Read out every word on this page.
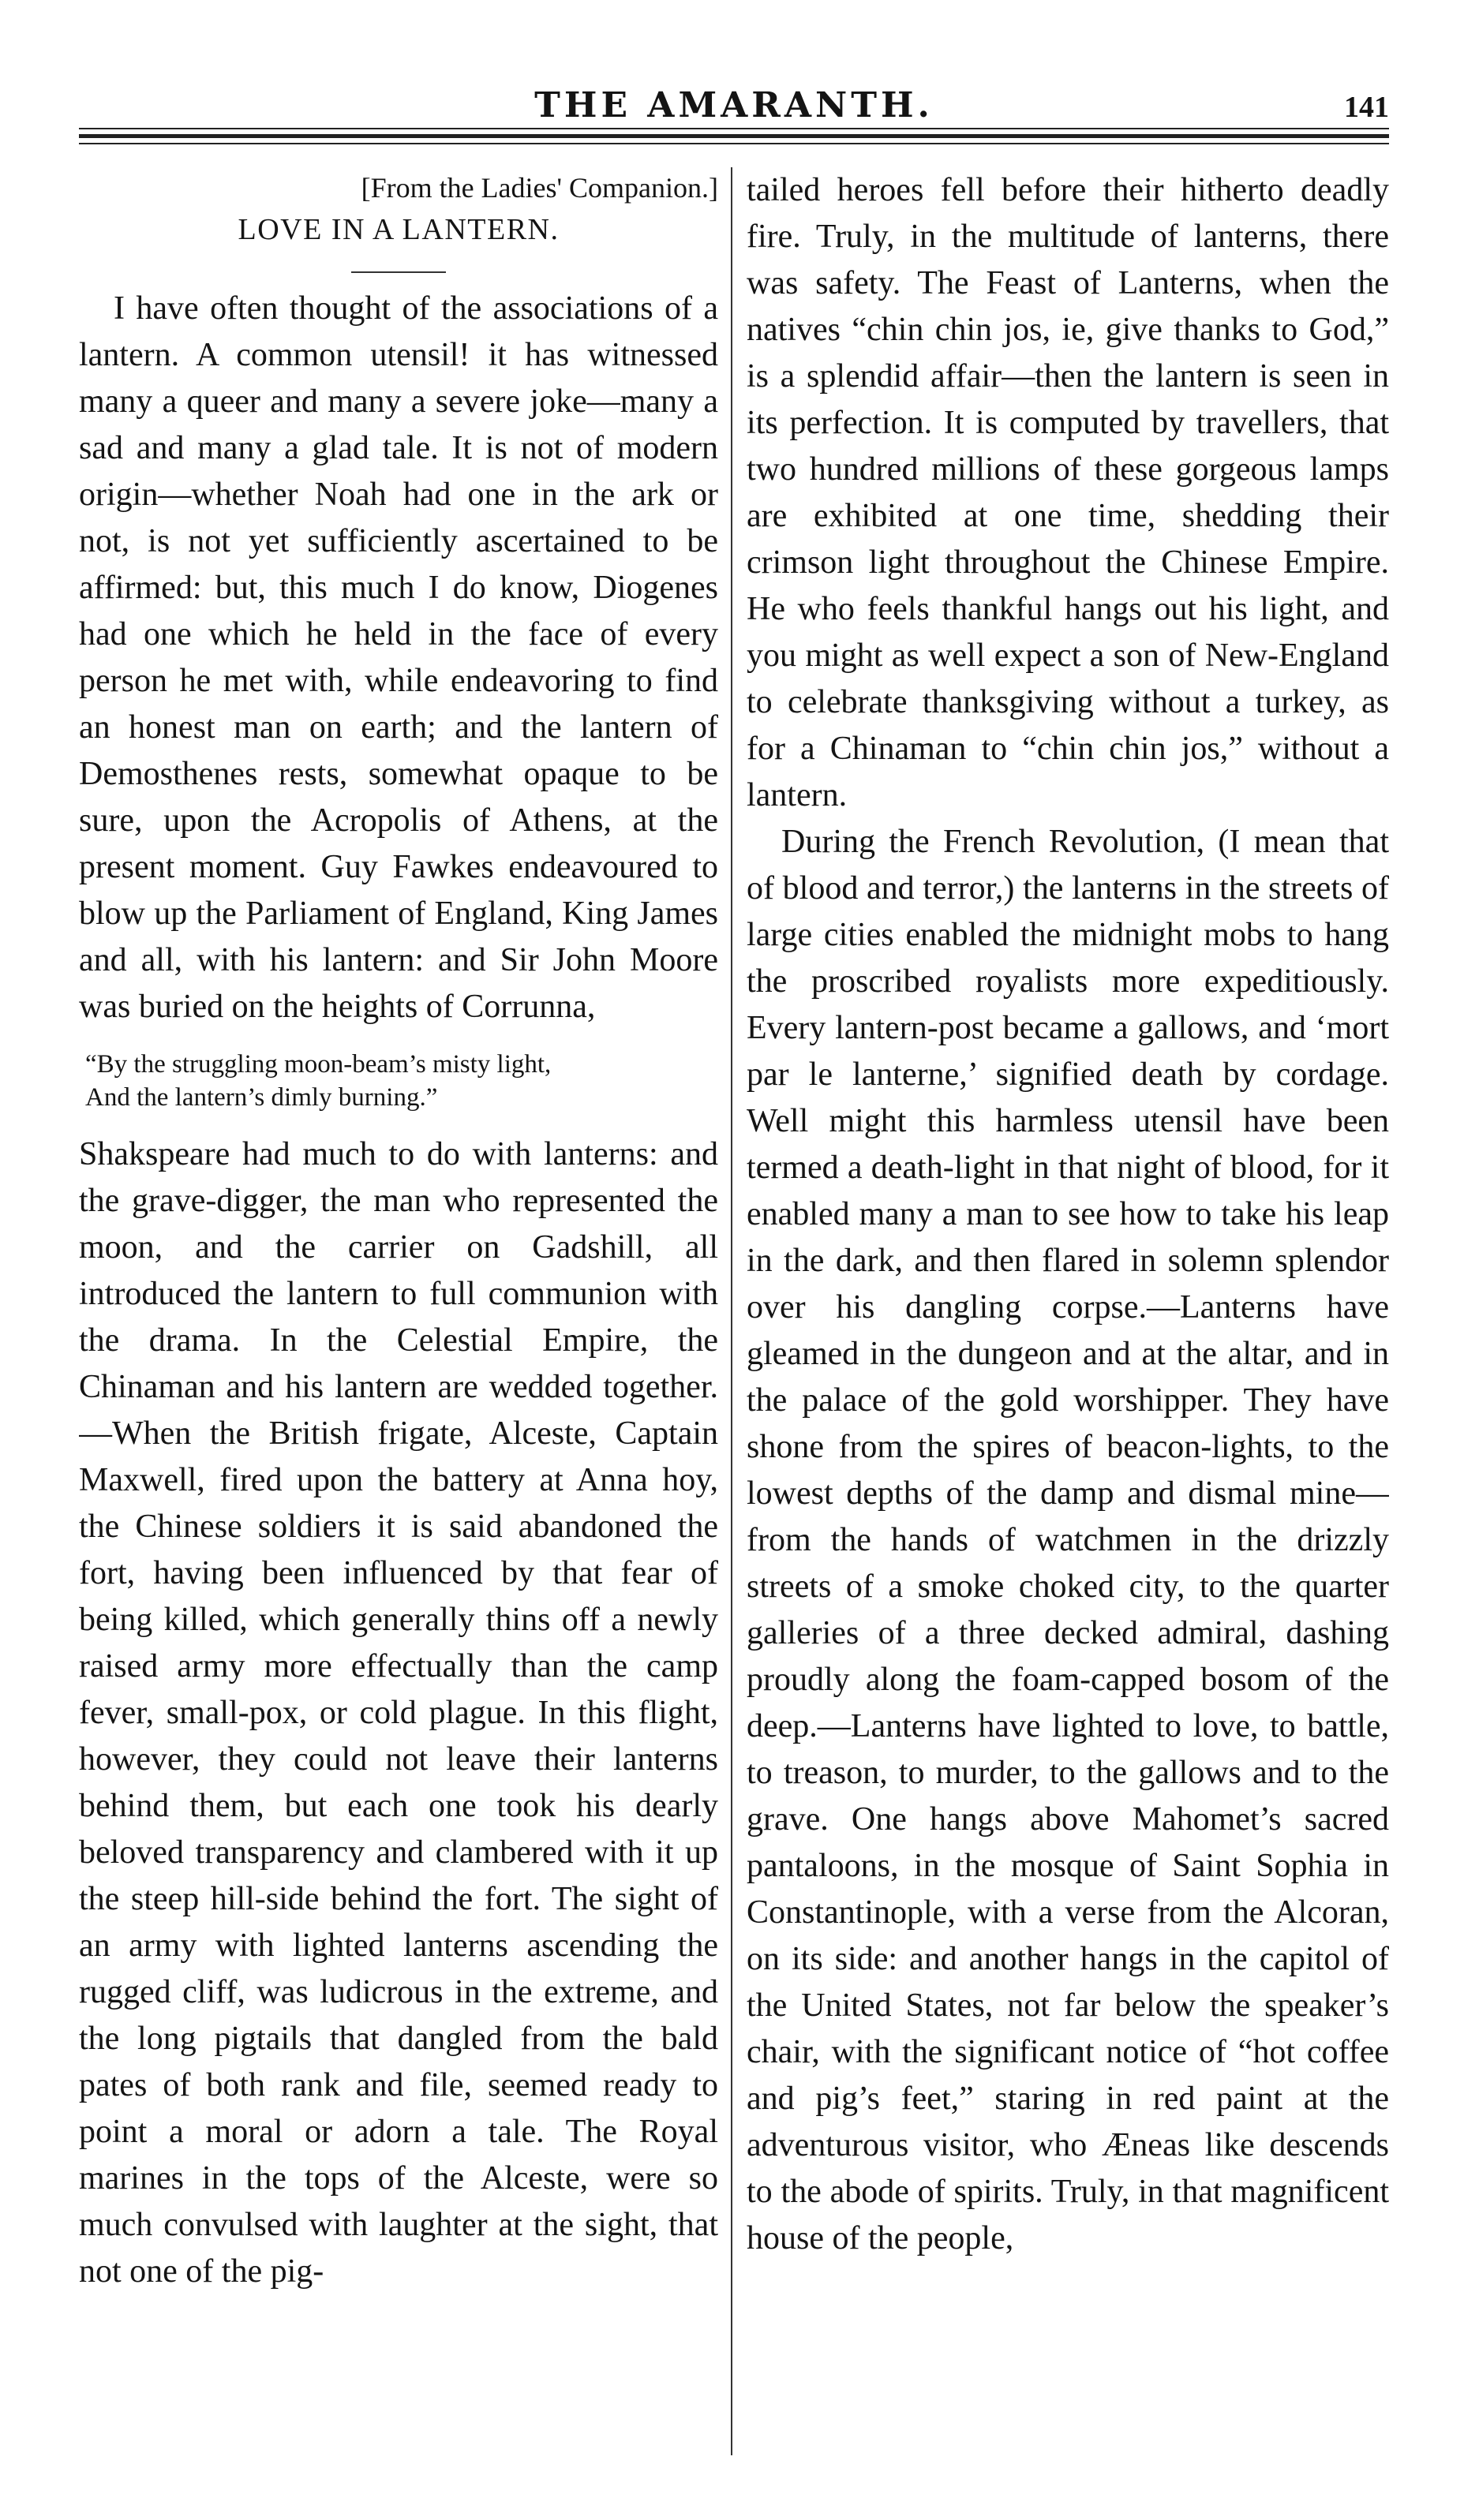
THE AMARANTH.	141

[From the Ladies' Companion.]

LOVE IN A LANTERN.

I have often thought of the associations of a lantern. A common utensil! it has witnessed many a queer and many a severe joke—many a sad and many a glad tale. It is not of modern origin—whether Noah had one in the ark or not, is not yet sufficiently ascertained to be affirmed: but, this much I do know, Diogenes had one which he held in the face of every person he met with, while endeavoring to find an honest man on earth; and the lantern of Demosthenes rests, somewhat opaque to be sure, upon the Acropolis of Athens, at the present moment. Guy Fawkes endeavoured to blow up the Parliament of England, King James and all, with his lantern: and Sir John Moore was buried on the heights of Corrunna,

“By the struggling moon-beam’s misty light,
And the lantern’s dimly burning.”

Shakspeare had much to do with lanterns: and the grave-digger, the man who represented the moon, and the carrier on Gadshill, all introduced the lantern to full communion with the drama. In the Celestial Empire, the Chinaman and his lantern are wedded together.—When the British frigate, Alceste, Captain Maxwell, fired upon the battery at Anna hoy, the Chinese soldiers it is said abandoned the fort, having been influenced by that fear of being killed, which generally thins off a newly raised army more effectually than the camp fever, small-pox, or cold plague. In this flight, however, they could not leave their lanterns behind them, but each one took his dearly beloved transparency and clambered with it up the steep hill-side behind the fort. The sight of an army with lighted lanterns ascending the rugged cliff, was ludicrous in the extreme, and the long pigtails that dangled from the bald pates of both rank and file, seemed ready to point a moral or adorn a tale. The Royal marines in the tops of the Alceste, were so much convulsed with laughter at the sight, that not one of the pig-

tailed heroes fell before their hitherto deadly fire. Truly, in the multitude of lanterns, there was safety. The Feast of Lanterns, when the natives “chin chin jos, ie, give thanks to God,” is a splendid affair—then the lantern is seen in its perfection. It is computed by travellers, that two hundred millions of these gorgeous lamps are exhibited at one time, shedding their crimson light throughout the Chinese Empire. He who feels thankful hangs out his light, and you might as well expect a son of New-England to celebrate thanksgiving without a turkey, as for a Chinaman to “chin chin jos,” without a lantern.

During the French Revolution, (I mean that of blood and terror,) the lanterns in the streets of large cities enabled the midnight mobs to hang the proscribed royalists more expeditiously. Every lantern-post became a gallows, and ‘mort par le lanterne,’ signified death by cordage. Well might this harmless utensil have been termed a death-light in that night of blood, for it enabled many a man to see how to take his leap in the dark, and then flared in solemn splendor over his dangling corpse.—Lanterns have gleamed in the dungeon and at the altar, and in the palace of the gold worshipper. They have shone from the spires of beacon-lights, to the lowest depths of the damp and dismal mine—from the hands of watchmen in the drizzly streets of a smoke choked city, to the quarter galleries of a three decked admiral, dashing proudly along the foam-capped bosom of the deep.—Lanterns have lighted to love, to battle, to treason, to murder, to the gallows and to the grave. One hangs above Mahomet’s sacred pantaloons, in the mosque of Saint Sophia in Constantinople, with a verse from the Alcoran, on its side: and another hangs in the capitol of the United States, not far below the speaker’s chair, with the significant notice of “hot coffee and pig’s feet,” staring in red paint at the adventurous visitor, who Æneas like descends to the abode of spirits. Truly, in that magnificent house of the people,
